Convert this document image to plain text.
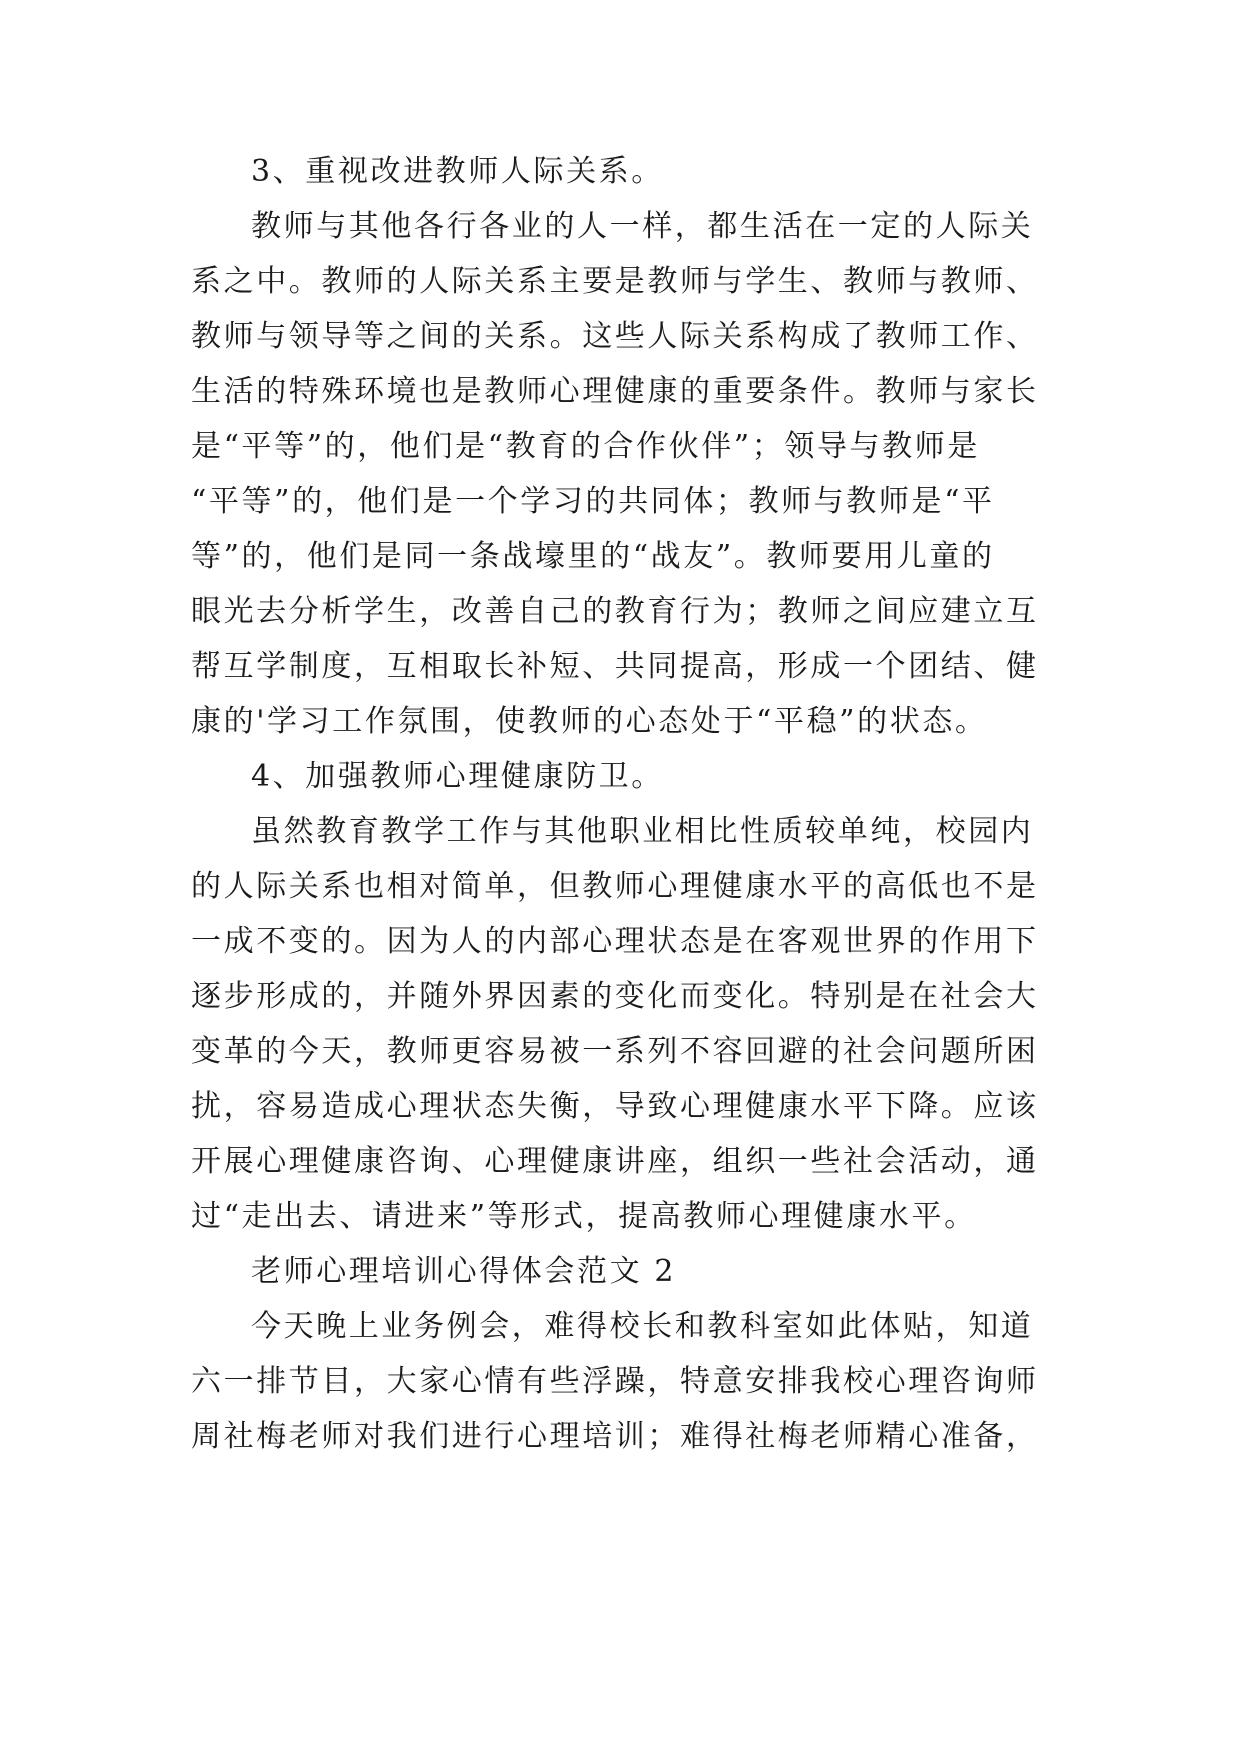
3、重视改进教师人际关系。

教师与其他各行各业的人一样，都生活在一定的人际关

系之中。教师的人际关系主要是教师与学生、教师与教师、

教师与领导等之间的关系。这些人际关系构成了教师工作、

生活的特殊环境也是教师心理健康的重要条件。教师与家长

是“平等”的，他们是“教育的合作伙伴”；领导与教师是

“平等”的，他们是一个学习的共同体；教师与教师是“平

等”的，他们是同一条战壕里的“战友”。教师要用儿童的

眼光去分析学生，改善自己的教育行为；教师之间应建立互

帮互学制度，互相取长补短、共同提高，形成一个团结、健

康的'学习工作氛围，使教师的心态处于“平稳”的状态。

4、加强教师心理健康防卫。

虽然教育教学工作与其他职业相比性质较单纯，校园内

的人际关系也相对简单，但教师心理健康水平的高低也不是

一成不变的。因为人的内部心理状态是在客观世界的作用下

逐步形成的，并随外界因素的变化而变化。特别是在社会大

变革的今天，教师更容易被一系列不容回避的社会问题所困

扰，容易造成心理状态失衡，导致心理健康水平下降。应该

开展心理健康咨询、心理健康讲座，组织一些社会活动，通

过“走出去、请进来”等形式，提高教师心理健康水平。

老师心理培训心得体会范文 2

今天晚上业务例会，难得校长和教科室如此体贴，知道

六一排节目，大家心情有些浮躁，特意安排我校心理咨询师

周社梅老师对我们进行心理培训；难得社梅老师精心准备，
